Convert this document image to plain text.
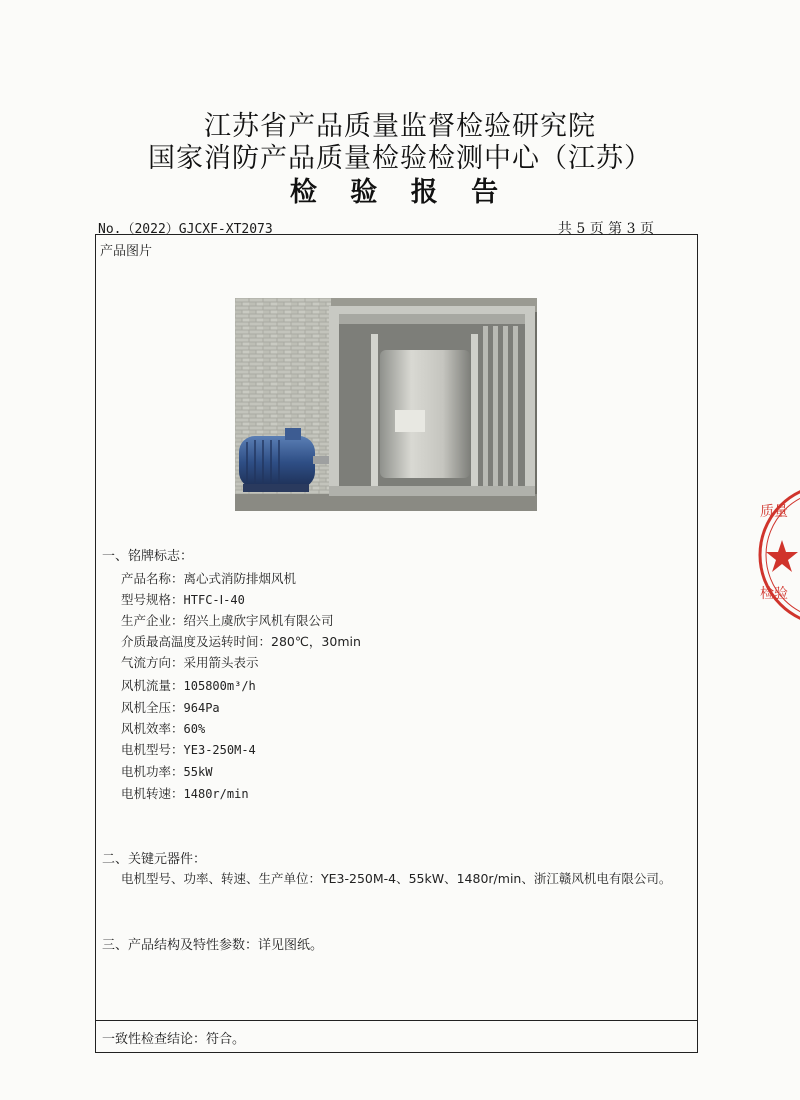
江苏省产品质量监督检验研究院
国家消防产品质量检验检测中心（江苏）
检 验 报 告
No.（2022）GJCXF-XT2073	共 5 页 第 3 页
产品图片
一、铭牌标志：
产品名称：离心式消防排烟风机
型号规格：HTFC-Ⅰ-40
生产企业：绍兴上虞欣宇风机有限公司
介质最高温度及运转时间：280℃，30min
气流方向：采用箭头表示
风机流量：105800m³/h
风机全压：964Pa
风机效率：60%
电机型号：YE3-250M-4
电机功率：55kW
电机转速：1480r/min
二、关键元器件：
电机型号、功率、转速、生产单位：YE3-250M-4、55kW、1480r/min、浙江赣风机电有限公司。
三、产品结构及特性参数：详见图纸。
一致性检查结论：符合。
质量
检验
